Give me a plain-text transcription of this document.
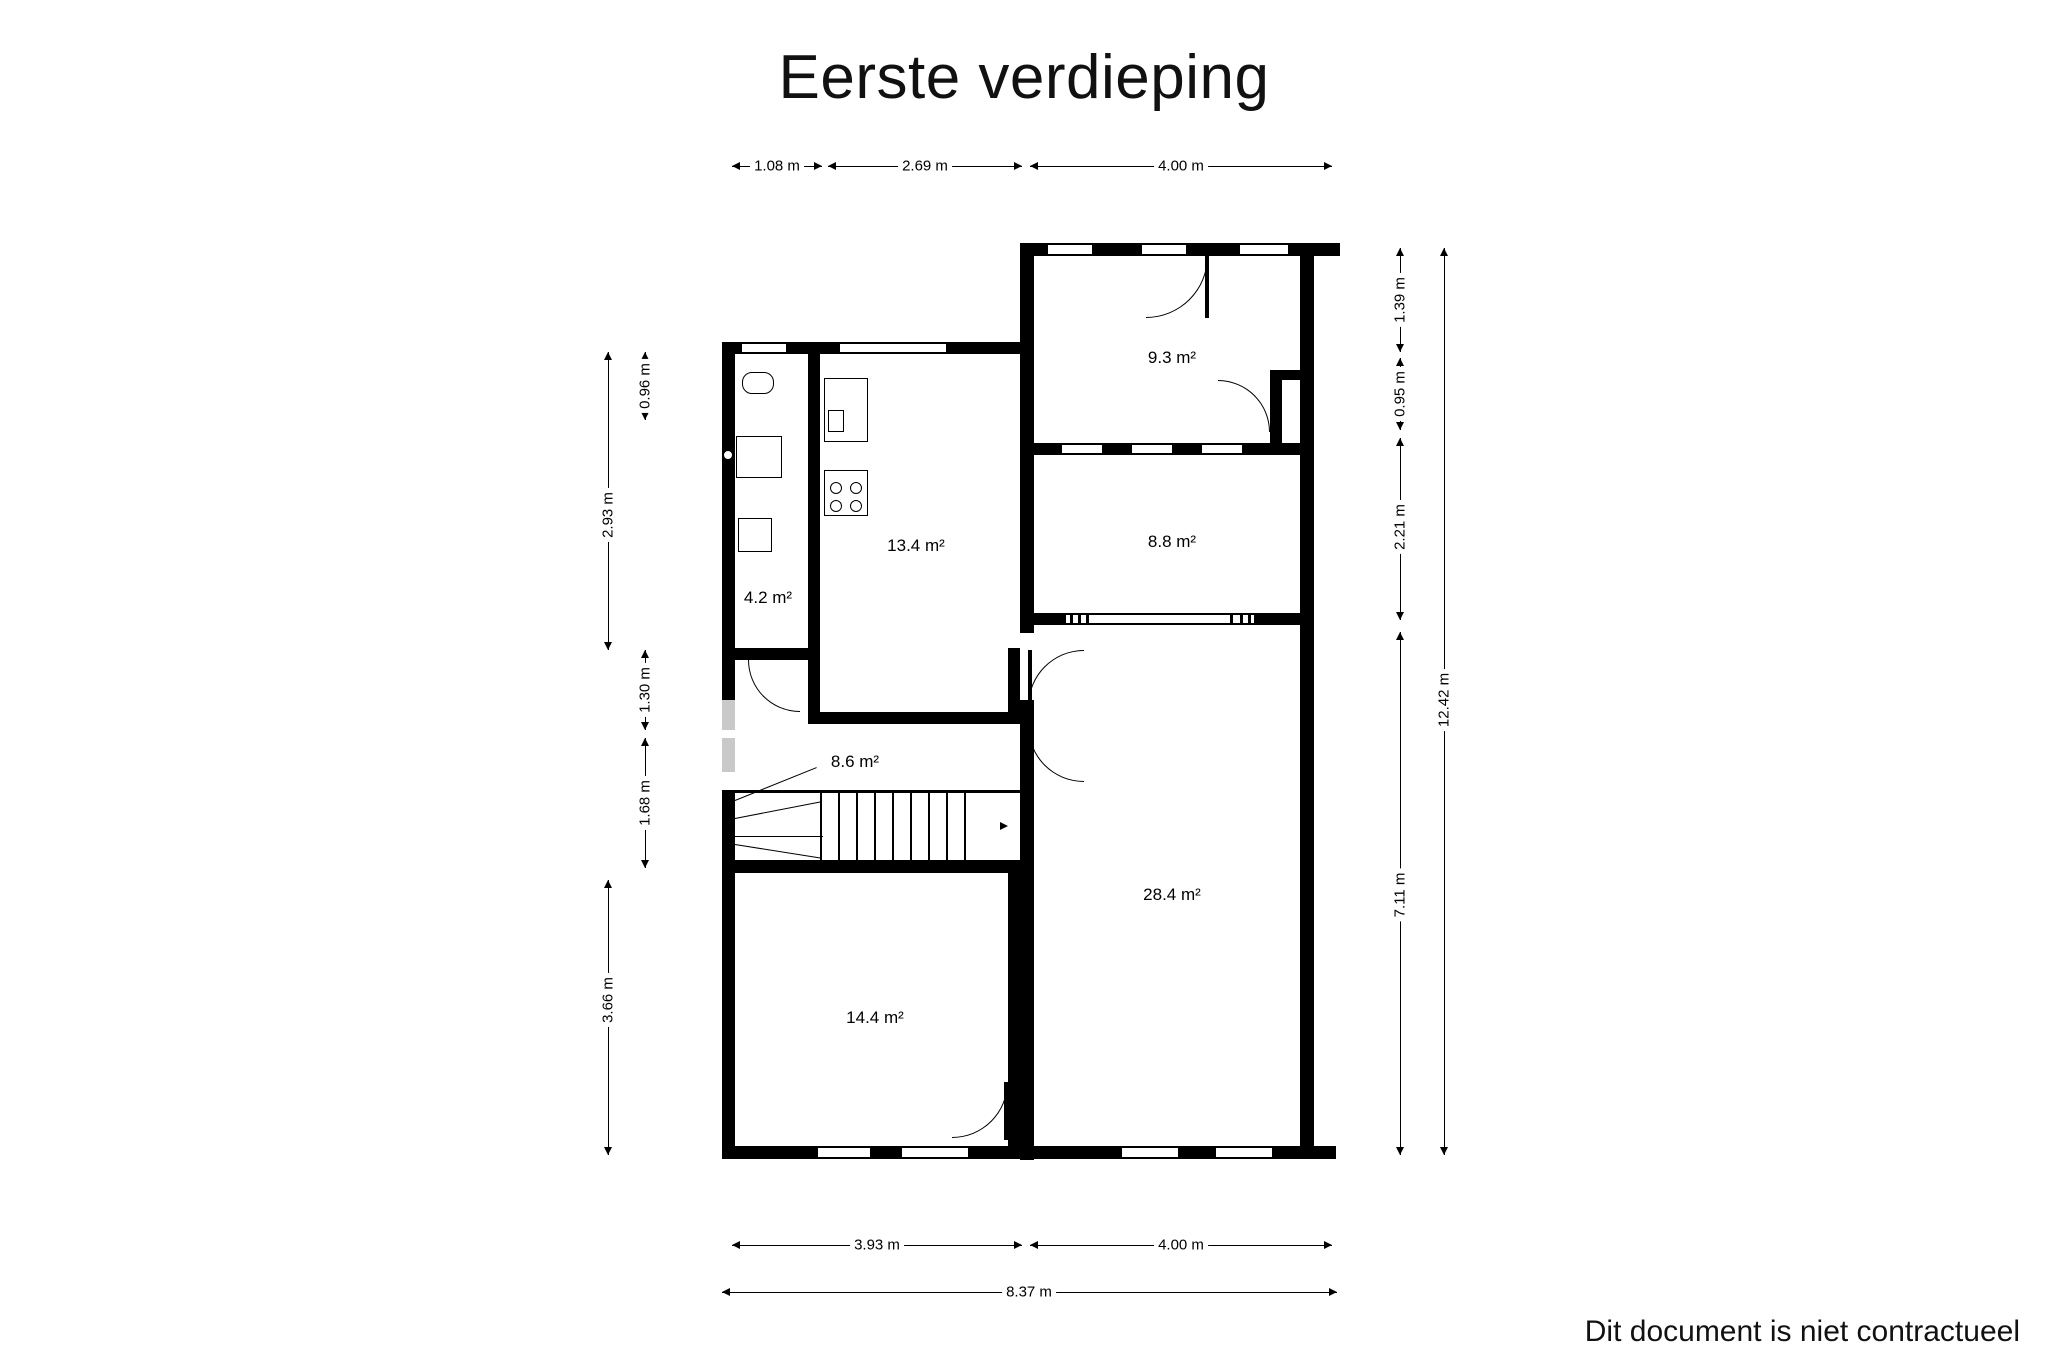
Eerste verdieping
9.3 m²
8.8 m²
13.4 m²
4.2 m²
8.6 m²
28.4 m²
14.4 m²
1.08 m	2.69 m	4.00 m
3.93 m	4.00 m
8.37 m
0.96 m
1.30 m
1.68 m
2.93 m
3.66 m
1.39 m
0.95 m
2.21 m
7.11 m
12.42 m
Dit document is niet contractueel
